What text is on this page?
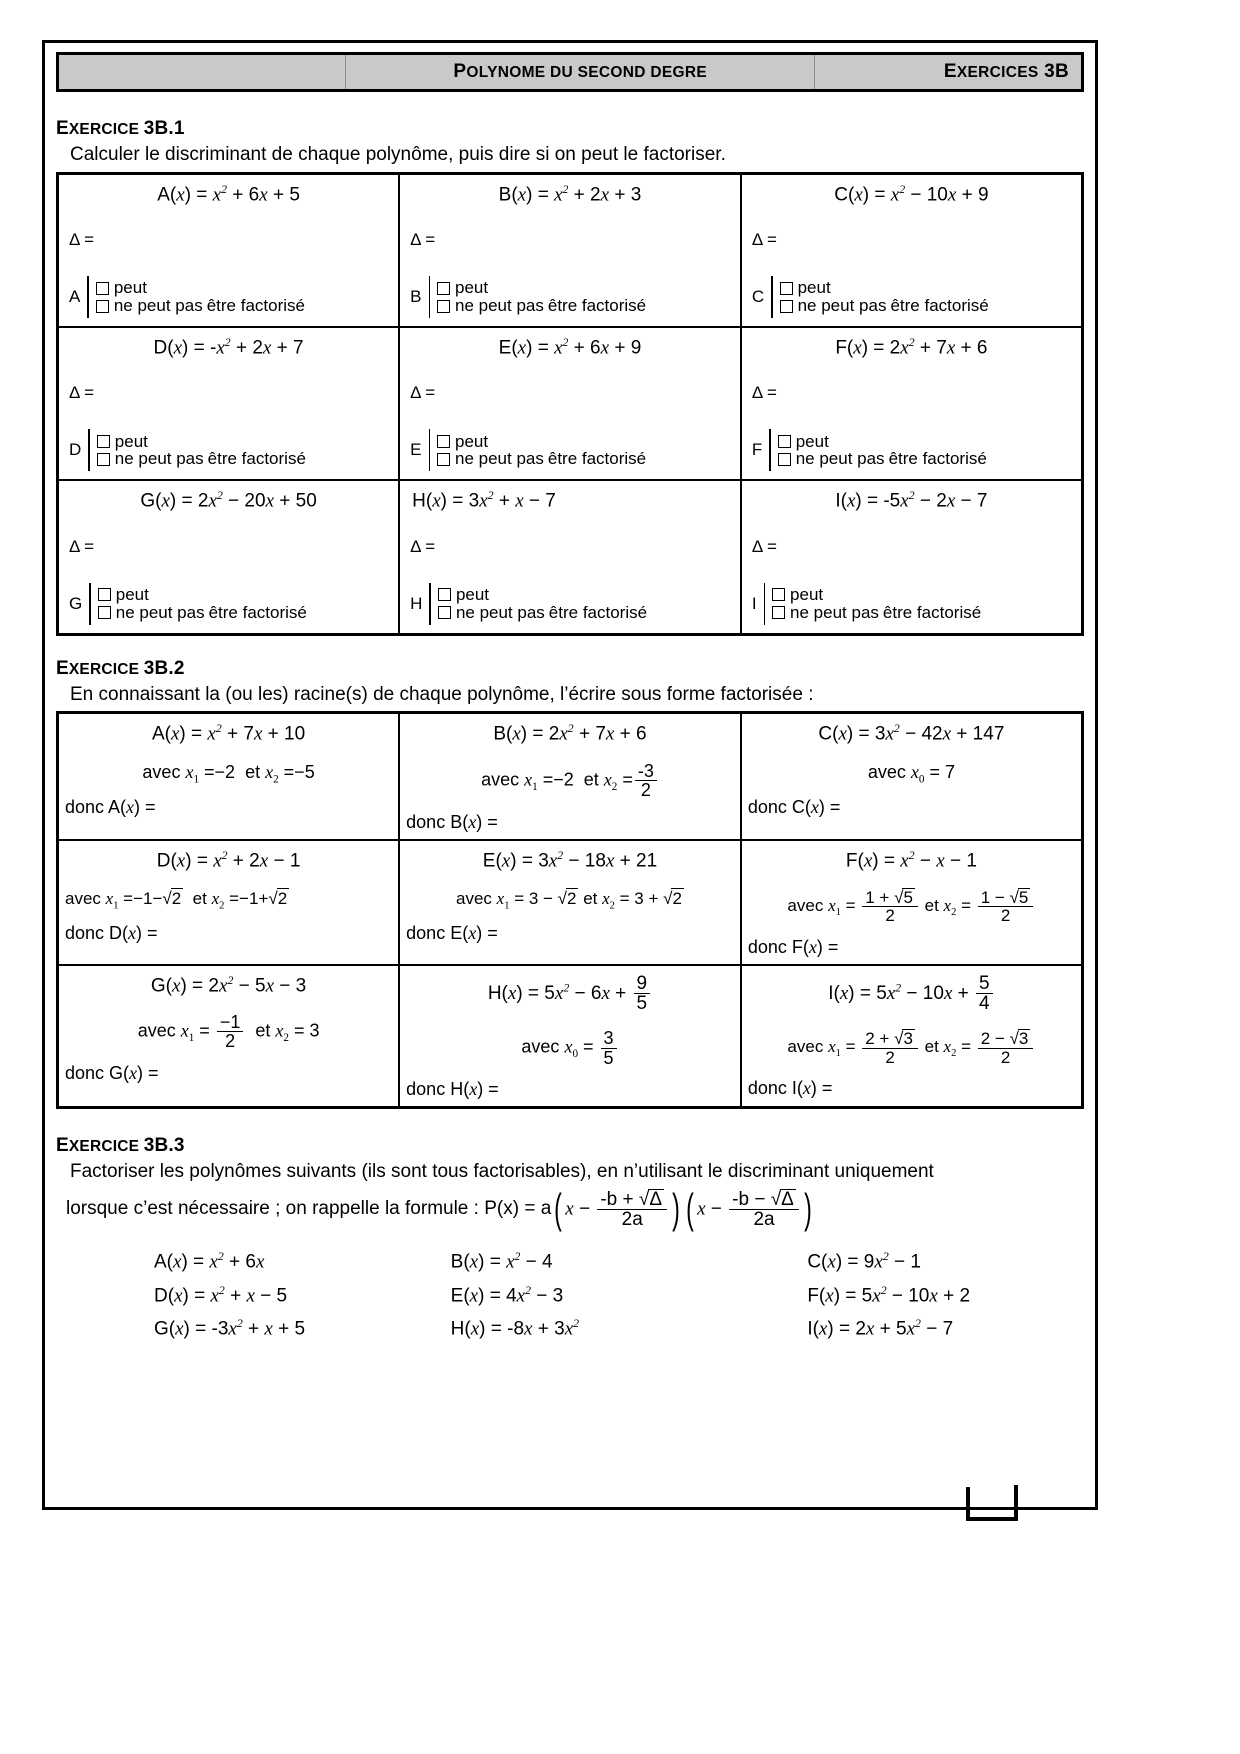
POLYNOME DU SECOND DEGRE	EXERCICES 3B
EXERCICE 3B.1
Calculer le discriminant de chaque polynôme, puis dire si on peut le factoriser.
$A(x) = x^2 + 6x + 5$
Δ =
A	peut
ne peut pas être factorisé

$B(x) = x^2 + 2x + 3$
Δ =
B	peut
ne peut pas être factorisé

$C(x) = x^2 - 10x + 9$
Δ =
C	peut
ne peut pas être factorisé

$D(x) = -x^2 + 2x + 7$
Δ =
D	peut
ne peut pas être factorisé

$E(x) = x^2 + 6x + 9$
Δ =
E	peut
ne peut pas être factorisé

$F(x) = 2x^2 + 7x + 6$
Δ =
F	peut
ne peut pas être factorisé

$G(x) = 2x^2 - 20x + 50$
Δ =
G	peut
ne peut pas être factorisé

$H(x) = 3x^2 + x - 7$
Δ =
H	peut
ne peut pas être factorisé

$I(x) = -5x^2 - 2x - 7$
Δ =
I	peut
ne peut pas être factorisé
EXERCICE 3B.2
En connaissant la (ou les) racine(s) de chaque polynôme, l’écrire sous forme factorisée :
$A(x) = x^2 + 7x + 10$
avec $x_1 =-2$  et $x_2 =-5$
donc A(x) =

$B(x) = 2x^2 + 7x + 6$
avec $x_1 =-2$  et $x_2 = \frac{-3}{2}$
donc B(x) =

$C(x) = 3x^2 - 42x + 147$
avec $x_0 = 7$
donc C(x) =

$D(x) = x^2 + 2x - 1$
avec $x_1 =-1-√2$  et $x_2 =-1+√2$
donc D(x) =

$E(x) = 3x^2 - 18x + 21$
avec $x_1 = 3 - √2$ et $x_2 = 3 + √2$
donc E(x) =

$F(x) = x^2 - x - 1$
avec $x_1 = \frac{1 + √5}{2}$ et $x_2 = \frac{1 - √5}{2}$
donc F(x) =

$G(x) = 2x^2 - 5x - 3$
avec $x_1 = \frac{-1}{2}$ et $x_2 = 3$
donc G(x) =

$H(x) = 5x^2 - 6x + \frac{9}{5}$
avec $x_0 = \frac{3}{5}$
donc H(x) =

$I(x) = 5x^2 - 10x + \frac{5}{4}$
avec $x_1 = \frac{2 + √3}{2}$ et $x_2 = \frac{2 - √3}{2}$
donc I(x) =
EXERCICE 3B.3
Factoriser les polynômes suivants (ils sont tous factorisables), en n’utilisant le discriminant uniquement
lorsque c’est nécessaire ; on rappelle la formule : P(x) = a ( $x - \frac{-b + √\Delta}{2a}$ ) ( $x - \frac{-b - √\Delta}{2a}$ )
$A(x) = x^2 + 6x$	$B(x) = x^2 - 4$	$C(x) = 9x^2 - 1$
$D(x) = x^2 + x - 5$	$E(x) = 4x^2 - 3$	$F(x) = 5x^2 - 10x + 2$
$G(x) = -3x^2 + x + 5$	$H(x) = -8x + 3x^2$	$I(x) = 2x + 5x^2 - 7$
